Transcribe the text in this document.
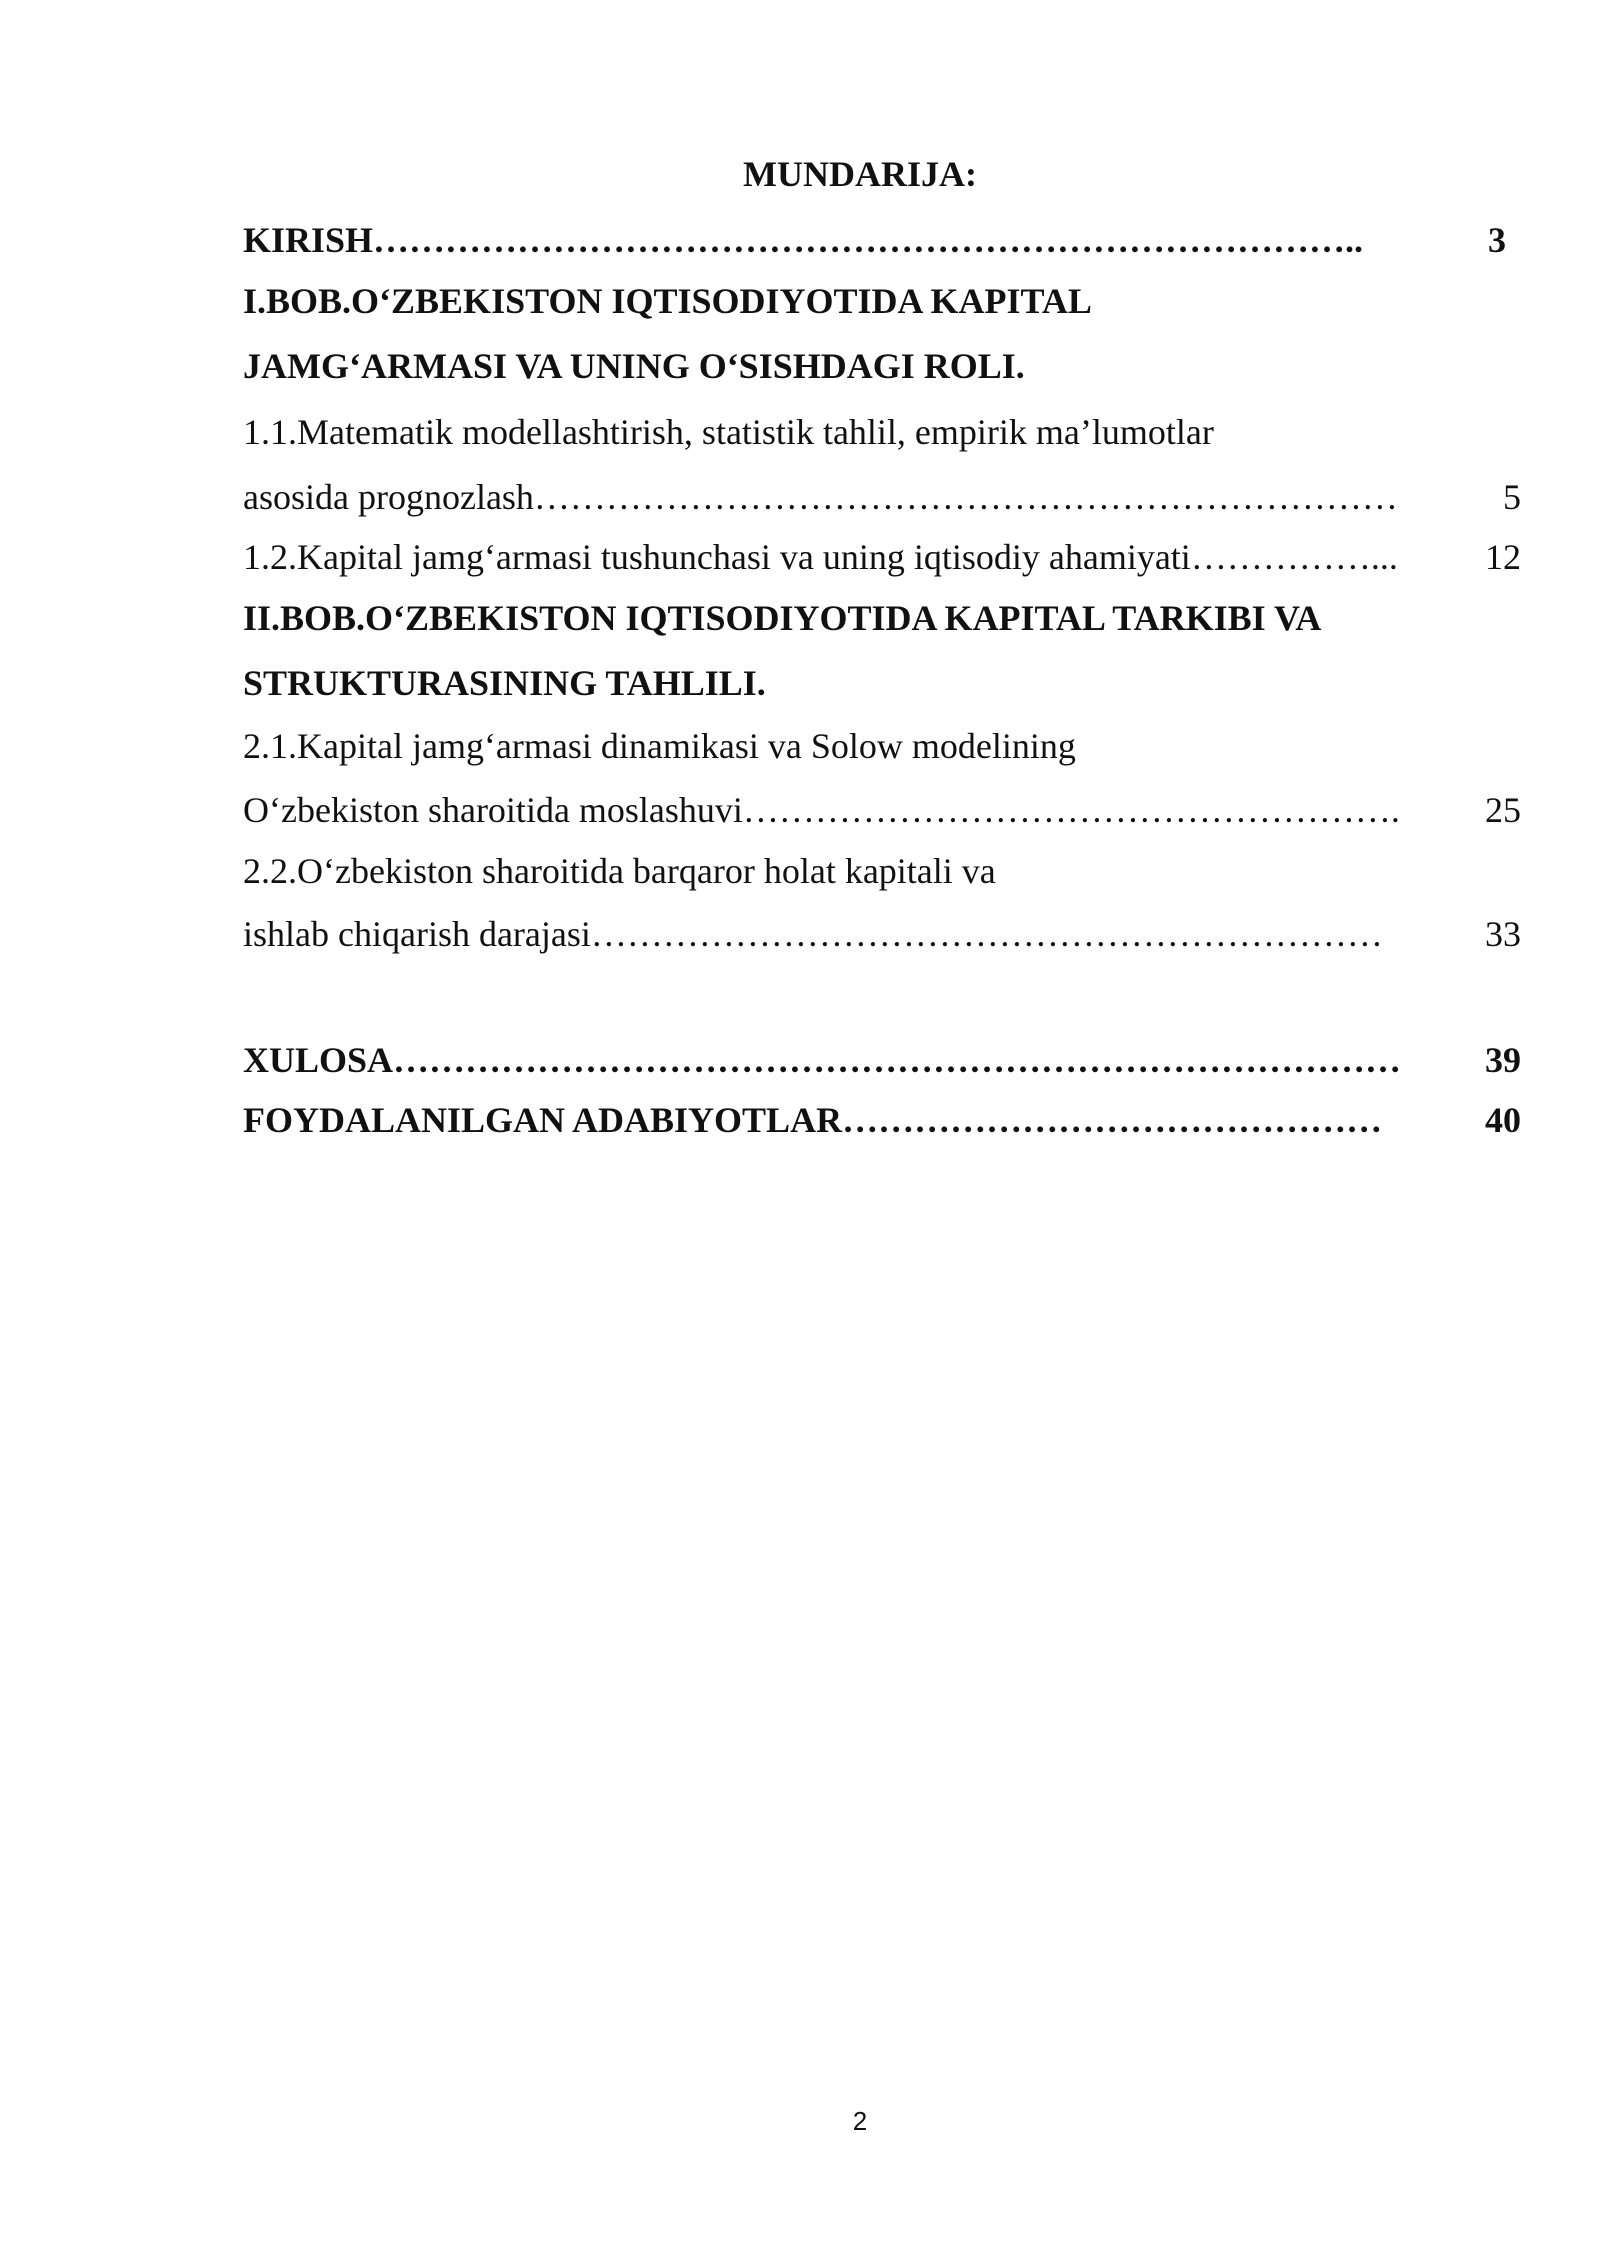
MUNDARIJA:
KIRISH………………………………………………………………………..	3
I.BOB.O‘ZBEKISTON IQTISODIYOTIDA KAPITAL
JAMG‘ARMASI VA UNING O‘SISHDAGI ROLI.
1.1.Matematik modellashtirish, statistik tahlil, empirik ma’lumotlar
asosida prognozlash………………………………………………………………	5
1.2.Kapital jamg‘armasi tushunchasi va uning iqtisodiy ahamiyati……………... 12
II.BOB.O‘ZBEKISTON IQTISODIYOTIDA KAPITAL TARKIBI VA
STRUKTURASINING TAHLILI.
2.1.Kapital jamg‘armasi dinamikasi va Solow modelining
O‘zbekiston sharoitida moslashuvi………………………………………………. 25
2.2.O‘zbekiston sharoitida barqaror holat kapitali va
ishlab chiqarish darajasi…………………………………………………………	33
XULOSA………………………………………………………………………… 39
FOYDALANILGAN ADABIYOTLAR………………………………………	40
2
